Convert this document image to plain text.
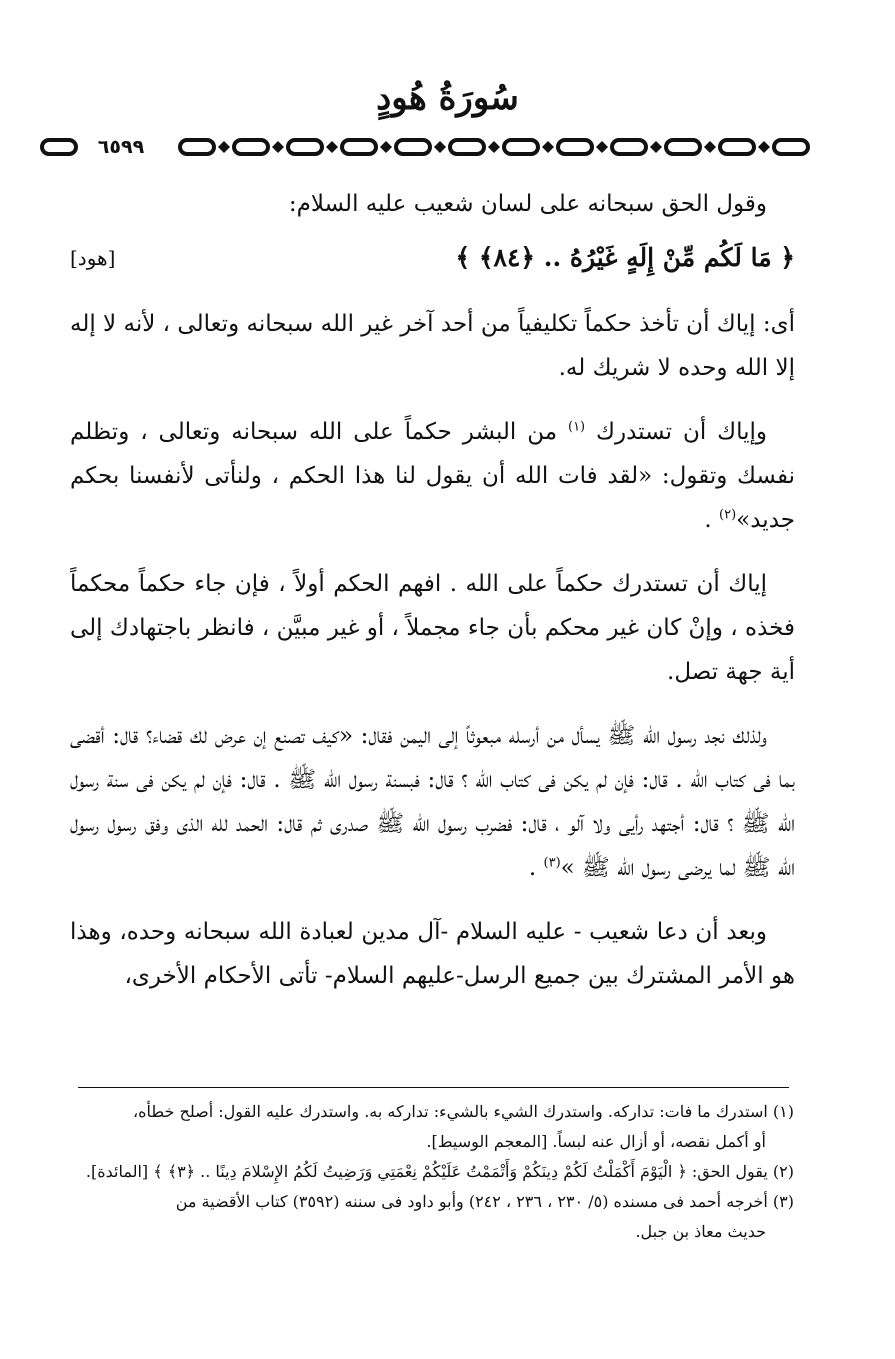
سُورَةُ هُودٍ
٦٥٩٩

وقول الحق سبحانه على لسان شعيب عليه السلام:

﴿ مَا لَكُم مِّنْ إِلَهٍ غَيْرُهُ .. ﴿٨٤﴾ ﴾
[هود]

أى: إياك أن تأخذ حكماً تكليفياً من أحد آخر غير الله سبحانه وتعالى ، لأنه لا إله إلا الله وحده لا شريك له.

وإياك أن تستدرك $^{(١)}$ من البشر حكماً على الله سبحانه وتعالى ، وتظلم نفسك وتقول: «لقد فات الله أن يقول لنا هذا الحكم ، ولنأتى لأنفسنا بحكم جديد»$^{(٢)}$ .

إياك أن تستدرك حكماً على الله . افهم الحكم أولاً ، فإن جاء حكماً محكماً فخذه ، وإنْ كان غير محكم بأن جاء مجملاً ، أو غير مبيَّن ، فانظر باجتهادك إلى أية جهة تصل.

ولذلك نجد رسول الله ﷺ يسأل من أرسله مبعوثاً إلى اليمن فقال: «كيف تصنع إن عرض لك قضاء؟ قال: أقضى بما فى كتاب الله . قال: فإن لم يكن فى كتاب الله ؟ قال: فبسنة رسول الله ﷺ . قال: فإن لم يكن فى سنة رسول الله ﷺ ؟ قال: أجتهد رأيى ولا آلو ، قال: فضرب رسول الله ﷺ صدرى ثم قال: الحمد لله الذى وفق رسول رسول الله ﷺ لما يرضى رسول الله ﷺ »$^{(٣)}$ .

وبعد أن دعا شعيب - عليه السلام -آل مدين لعبادة الله سبحانه وحده، وهذا هو الأمر المشترك بين جميع الرسل-عليهم السلام- تأتى الأحكام الأخرى،

(١) استدرك ما فات: تداركه. واستدرك الشيء بالشيء: تداركه به. واستدرك عليه القول: أصلح خطأه،

أو أكمل نقصه، أو أزال عنه لبساً. [المعجم الوسيط].

(٢) يقول الحق: ﴿ الْيَوْمَ أَكْمَلْتُ لَكُمْ دِينَكُمْ وَأَتْمَمْتُ عَلَيْكُمْ نِعْمَتِي وَرَضِيتُ لَكُمُ الإِسْلامَ دِينًا .. ﴿٣﴾ ﴾ [المائدة].

(٣) أخرجه أحمد فى مسنده (٥/ ٢٣٠ ، ٢٣٦ ، ٢٤٢) وأبو داود فى سننه (٣٥٩٢) كتاب الأقضية من

حديث معاذ بن جبل.
